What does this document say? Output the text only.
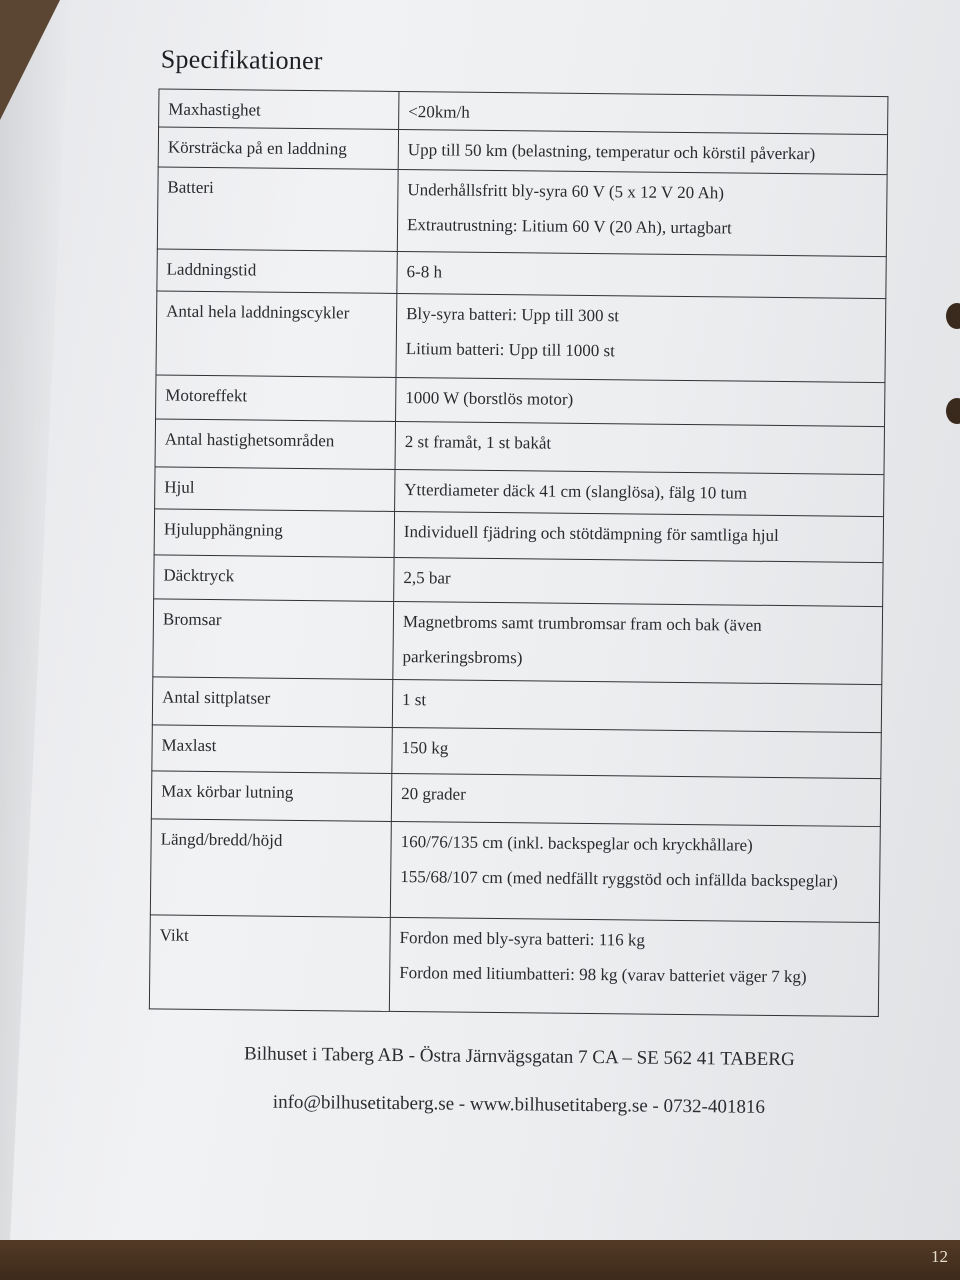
Specifikationer
Maxhastighet	<20km/h
Körsträcka på en laddning	Upp till 50 km (belastning, temperatur och körstil påverkar)
Batteri	Underhållsfritt bly-syra 60 V (5 x 12 V 20 Ah)
Extrautrustning: Litium 60 V (20 Ah), urtagbart

Laddningstid	6-8 h
Antal hela laddningscykler	Bly-syra batteri: Upp till 300 st
Litium batteri: Upp till 1000 st

Motoreffekt	1000 W (borstlös motor)
Antal hastighetsområden	2 st framåt, 1 st bakåt
Hjul	Ytterdiameter däck 41 cm (slanglösa), fälg 10 tum
Hjulupphängning	Individuell fjädring och stötdämpning för samtliga hjul
Däcktryck	2,5 bar
Bromsar	Magnetbroms samt trumbromsar fram och bak (även
parkeringsbroms)

Antal sittplatser	1 st
Maxlast	150 kg
Max körbar lutning	20 grader
Längd/bredd/höjd	160/76/135 cm (inkl. backspeglar och kryckhållare)
155/68/107 cm (med nedfällt ryggstöd och infällda backspeglar)

Vikt	Fordon med bly-syra batteri: 116 kg
Fordon med litiumbatteri: 98 kg (varav batteriet väger 7 kg)
Bilhuset i Taberg AB - Östra Järnvägsgatan 7 CA – SE 562 41 TABERG
info@bilhusetitaberg.se - www.bilhusetitaberg.se - 0732-401816
12
